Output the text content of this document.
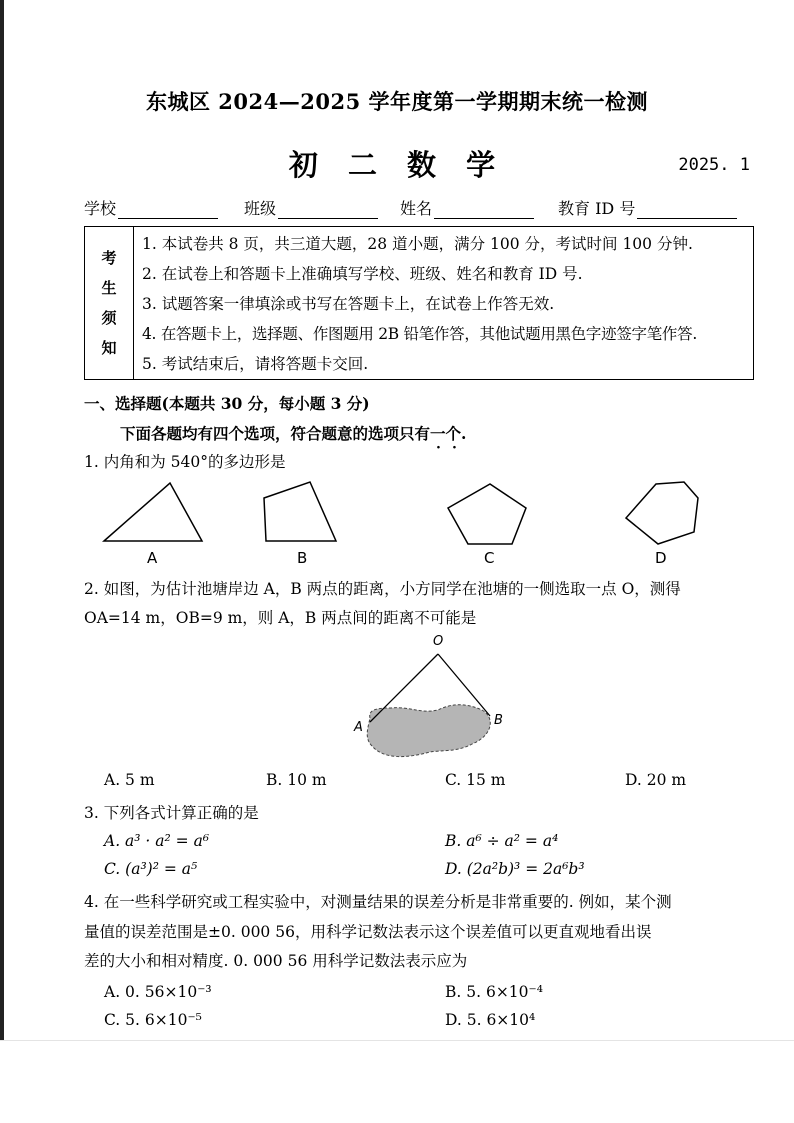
东城区 2024—2025 学年度第一学期期末统一检测
初 二 数 学	2025. 1
学校	班级	姓名	教育 ID 号
考
生
须
知
1. 本试卷共 8 页，共三道大题，28 道小题，满分 100 分，考试时间 100 分钟.
2. 在试卷上和答题卡上准确填写学校、班级、姓名和教育 ID 号.
3. 试题答案一律填涂或书写在答题卡上，在试卷上作答无效.
4. 在答题卡上，选择题、作图题用 2B 铅笔作答，其他试题用黑色字迹签字笔作答.
5. 考试结束后，请将答题卡交回.
一、选择题(本题共 30 分，每小题 3 分)
下面各题均有四个选项，符合题意的选项只有一个.
· ·
1. 内角和为 540°的多边形是
A	B	C	D
2. 如图，为估计池塘岸边 A，B 两点的距离，小方同学在池塘的一侧选取一点 O，测得
OA=14 m，OB=9 m，则 A，B 两点间的距离不可能是
O
A	B
A. 5 m	B. 10 m	C. 15 m	D. 20 m
3. 下列各式计算正确的是
A. a³ · a² = a⁶	B. a⁶ ÷ a² = a⁴
C. (a³)² = a⁵	D. (2a²b)³ = 2a⁶b³
4. 在一些科学研究或工程实验中，对测量结果的误差分析是非常重要的. 例如，某个测
量值的误差范围是±0. 000 56，用科学记数法表示这个误差值可以更直观地看出误
差的大小和相对精度. 0. 000 56 用科学记数法表示应为
A. 0. 56×10⁻³	B. 5. 6×10⁻⁴
C. 5. 6×10⁻⁵	D. 5. 6×10⁴
